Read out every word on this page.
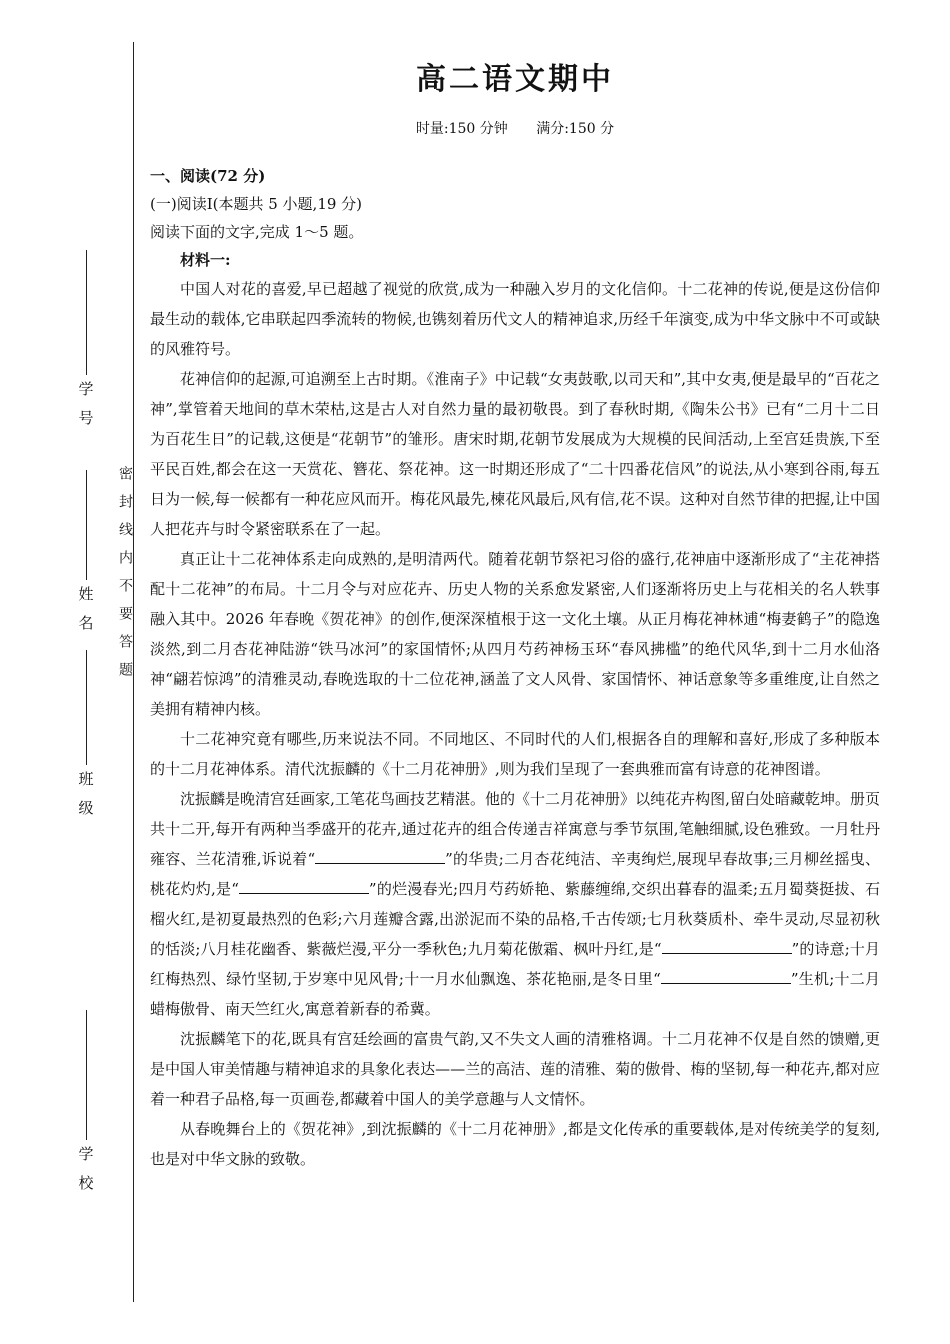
学校
班级
姓名
学号
密封线内不要答题
高二语文期中
时量:150 分钟 满分:150 分
一、阅读(72 分)
(一)阅读Ⅰ(本题共 5 小题,19 分)
阅读下面的文字,完成 1～5 题。
材料一:

中国人对花的喜爱,早已超越了视觉的欣赏,成为一种融入岁月的文化信仰。十二花神的传说,便是这份信仰最生动的载体,它串联起四季流转的物候,也镌刻着历代文人的精神追求,历经千年演变,成为中华文脉中不可或缺的风雅符号。

花神信仰的起源,可追溯至上古时期。《淮南子》中记载“女夷鼓歌,以司天和”,其中女夷,便是最早的“百花之神”,掌管着天地间的草木荣枯,这是古人对自然力量的最初敬畏。到了春秋时期,《陶朱公书》已有“二月十二日为百花生日”的记载,这便是“花朝节”的雏形。唐宋时期,花朝节发展成为大规模的民间活动,上至宫廷贵族,下至平民百姓,都会在这一天赏花、簪花、祭花神。这一时期还形成了“二十四番花信风”的说法,从小寒到谷雨,每五日为一候,每一候都有一种花应风而开。梅花风最先,楝花风最后,风有信,花不误。这种对自然节律的把握,让中国人把花卉与时令紧密联系在了一起。

真正让十二花神体系走向成熟的,是明清两代。随着花朝节祭祀习俗的盛行,花神庙中逐渐形成了“主花神搭配十二花神”的布局。十二月令与对应花卉、历史人物的关系愈发紧密,人们逐渐将历史上与花相关的名人轶事融入其中。2026 年春晚《贺花神》的创作,便深深植根于这一文化土壤。从正月梅花神林逋“梅妻鹤子”的隐逸淡然,到二月杏花神陆游“铁马冰河”的家国情怀;从四月芍药神杨玉环“春风拂槛”的绝代风华,到十二月水仙洛神“翩若惊鸿”的清雅灵动,春晚选取的十二位花神,涵盖了文人风骨、家国情怀、神话意象等多重维度,让自然之美拥有精神内核。

十二花神究竟有哪些,历来说法不同。不同地区、不同时代的人们,根据各自的理解和喜好,形成了多种版本的十二月花神体系。清代沈振麟的《十二月花神册》,则为我们呈现了一套典雅而富有诗意的花神图谱。

沈振麟是晚清宫廷画家,工笔花鸟画技艺精湛。他的《十二月花神册》以纯花卉构图,留白处暗藏乾坤。册页共十二开,每开有两种当季盛开的花卉,通过花卉的组合传递吉祥寓意与季节氛围,笔触细腻,设色雅致。一月牡丹雍容、兰花清雅,诉说着“	”的华贵;二月杏花纯洁、辛夷绚烂,展现早春故事;三月柳丝摇曳、桃花灼灼,是“	”的烂漫春光;四月芍药娇艳、紫藤缠绵,交织出暮春的温柔;五月蜀葵挺拔、石榴火红,是初夏最热烈的色彩;六月莲瓣含露,出淤泥而不染的品格,千古传颂;七月秋葵质朴、牵牛灵动,尽显初秋的恬淡;八月桂花幽香、紫薇烂漫,平分一季秋色;九月菊花傲霜、枫叶丹红,是“	”的诗意;十月红梅热烈、绿竹坚韧,于岁寒中见风骨;十一月水仙飘逸、茶花艳丽,是冬日里“	”生机;十二月蜡梅傲骨、南天竺红火,寓意着新春的希冀。

沈振麟笔下的花,既具有宫廷绘画的富贵气韵,又不失文人画的清雅格调。十二月花神不仅是自然的馈赠,更是中国人审美情趣与精神追求的具象化表达——兰的高洁、莲的清雅、菊的傲骨、梅的坚韧,每一种花卉,都对应着一种君子品格,每一页画卷,都藏着中国人的美学意趣与人文情怀。

从春晚舞台上的《贺花神》,到沈振麟的《十二月花神册》,都是文化传承的重要载体,是对传统美学的复刻,也是对中华文脉的致敬。
